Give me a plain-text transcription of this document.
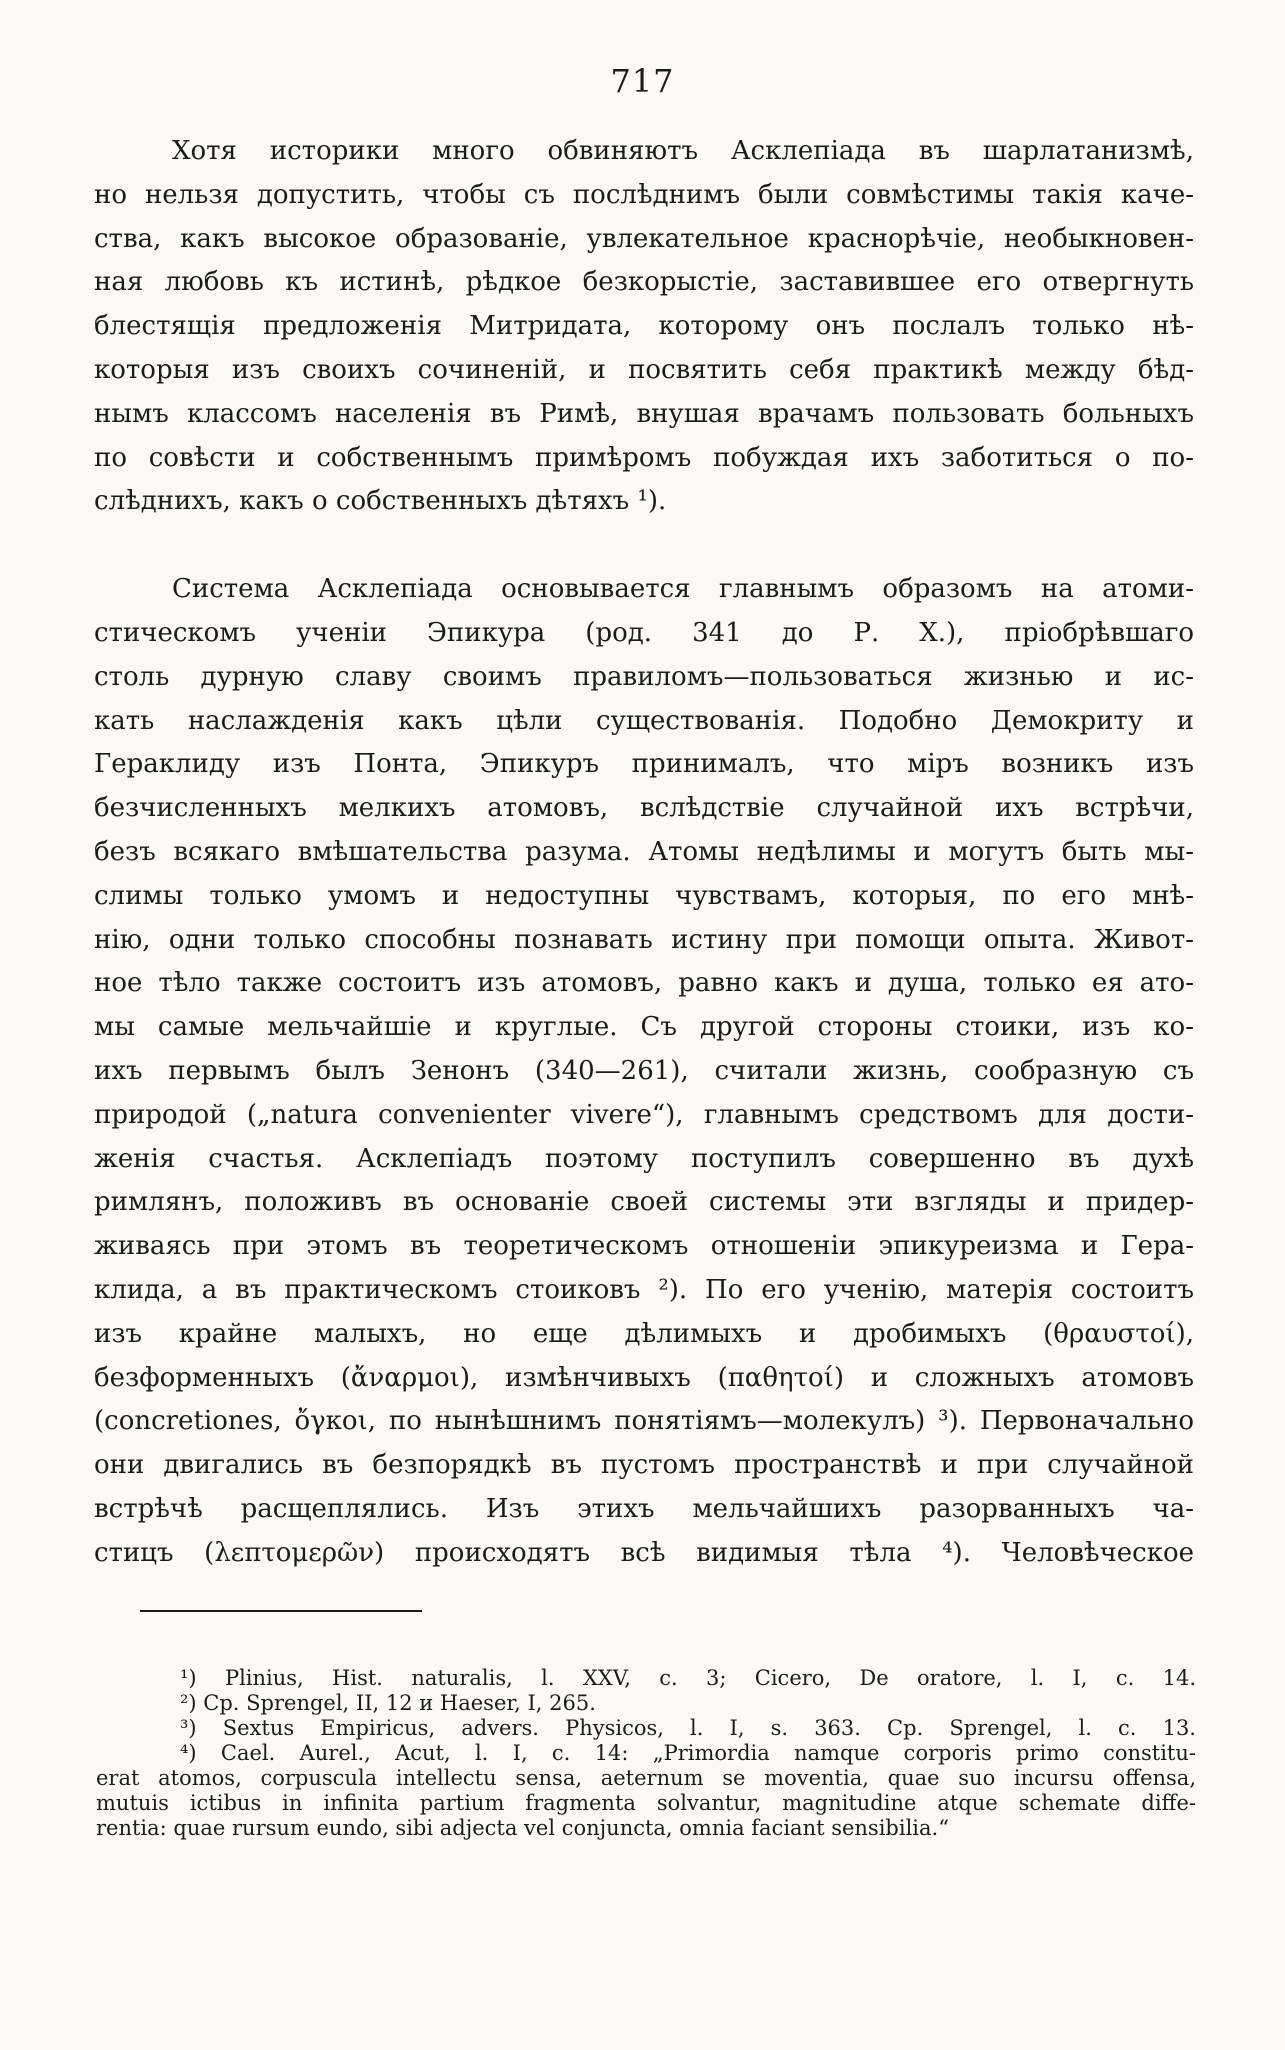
717
Хотя историки много обвиняютъ Асклепіада въ шарлатанизмѣ,
но нельзя допустить, чтобы съ послѣднимъ были совмѣстимы такія каче-
ства, какъ высокое образованіе, увлекательное краснорѣчіе, необыкновен-
ная любовь къ истинѣ, рѣдкое безкорыстіе, заставившее его отвергнуть
блестящія предложенія Митридата, которому онъ послалъ только нѣ-
которыя изъ своихъ сочиненій, и посвятить себя практикѣ между бѣд-
нымъ классомъ населенія въ Римѣ, внушая врачамъ пользовать больныхъ
по совѣсти и собственнымъ примѣромъ побуждая ихъ заботиться о по-
слѣднихъ, какъ о собственныхъ дѣтяхъ ¹).
Система Асклепіада основывается главнымъ образомъ на атоми-
стическомъ ученіи Эпикура (род. 341 до Р. Х.), пріобрѣвшаго
столь дурную славу своимъ правиломъ—пользоваться жизнью и ис-
кать наслажденія какъ цѣли существованія. Подобно Демокриту и
Гераклиду изъ Понта, Эпикуръ принималъ, что міръ возникъ изъ
безчисленныхъ мелкихъ атомовъ, вслѣдствіе случайной ихъ встрѣчи,
безъ всякаго вмѣшательства разума. Атомы недѣлимы и могутъ быть мы-
слимы только умомъ и недоступны чувствамъ, которыя, по его мнѣ-
нію, одни только способны познавать истину при помощи опыта. Живот-
ное тѣло также состоитъ изъ атомовъ, равно какъ и душа, только ея ато-
мы самые мельчайшіе и круглые. Съ другой стороны стоики, изъ ко-
ихъ первымъ былъ Зенонъ (340—261), считали жизнь, сообразную съ
природой („natura convenienter vivere“), главнымъ средствомъ для дости-
женія счастья. Асклепіадъ поэтому поступилъ совершенно въ духѣ
римлянъ, положивъ въ основаніе своей системы эти взгляды и придер-
живаясь при этомъ въ теоретическомъ отношеніи эпикуреизма и Гера-
клида, а въ практическомъ стоиковъ ²). По его ученію, матерія состоитъ
изъ крайне малыхъ, но еще дѣлимыхъ и дробимыхъ (θραυστοί),
безформенныхъ (ἄναρμοι), измѣнчивыхъ (παθητοί) и сложныхъ атомовъ
(concretiones, ὄγκοι, по нынѣшнимъ понятіямъ—молекулъ) ³). Первоначально
они двигались въ безпорядкѣ въ пустомъ пространствѣ и при случайной
встрѣчѣ расщеплялись. Изъ этихъ мельчайшихъ разорванныхъ ча-
стицъ (λεπτομερῶν) происходятъ всѣ видимыя тѣла ⁴). Человѣческое
¹) Plinius, Hist. naturalis, l. XXV, c. 3; Cicero, De oratore, l. I, c. 14.
²) Cp. Sprengel, II, 12 и Haeser, I, 265.
³) Sextus Empiricus, advers. Physicos, l. I, s. 363. Cp. Sprengel, l. c. 13.
⁴) Cael. Aurel., Acut, l. I, c. 14: „Primordia namque corporis primo constitu-
erat atomos, corpuscula intellectu sensa, aeternum se moventia, quae suo incursu offensa,
mutuis ictibus in infinita partium fragmenta solvantur, magnitudine atque schemate diffe-
rentia: quae rursum eundo, sibi adjecta vel conjuncta, omnia faciant sensibilia.“
